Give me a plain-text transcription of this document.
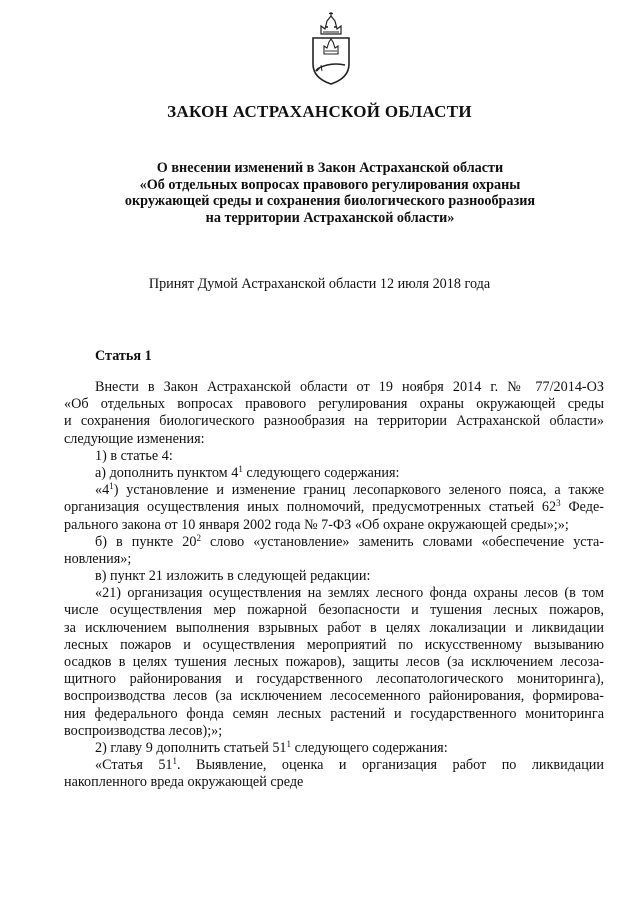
ЗАКОН АСТРАХАНСКОЙ ОБЛАСТИ
О внесении изменений в Закон Астраханской области
«Об отдельных вопросах правового регулирования охраны
окружающей среды и сохранения биологического разнообразия
на территории Астраханской области»
Принят Думой Астраханской области 12 июля 2018 года
Статья 1
Внести в Закон Астраханской области от 19 ноября 2014 г. № 77/2014-ОЗ
«Об отдельных вопросах правового регулирования охраны окружающей среды
и сохранения биологического разнообразия на территории Астраханской области»
следующие изменения:
1) в статье 4:
а) дополнить пунктом $4^1$ следующего содержания:
«$4^1$) установление и изменение границ лесопаркового зеленого пояса, а также
организация осуществления иных полномочий, предусмотренных статьей $62^3$ Феде-
рального закона от 10 января 2002 года № 7-ФЗ «Об охране окружающей среды»;»;
б) в пункте $20^2$ слово «установление» заменить словами «обеспечение уста-
новления»;
в) пункт 21 изложить в следующей редакции:
«21) организация осуществления на землях лесного фонда охраны лесов (в том
числе осуществления мер пожарной безопасности и тушения лесных пожаров,
за исключением выполнения взрывных работ в целях локализации и ликвидации
лесных пожаров и осуществления мероприятий по искусственному вызыванию
осадков в целях тушения лесных пожаров), защиты лесов (за исключением лесоза-
щитного районирования и государственного лесопатологического мониторинга),
воспроизводства лесов (за исключением лесосеменного районирования, формирова-
ния федерального фонда семян лесных растений и государственного мониторинга
воспроизводства лесов);»;
2) главу 9 дополнить статьей $51^1$ следующего содержания:
«Статья $51^1$. Выявление, оценка и организация работ по ликвидации
накопленного вреда окружающей среде
